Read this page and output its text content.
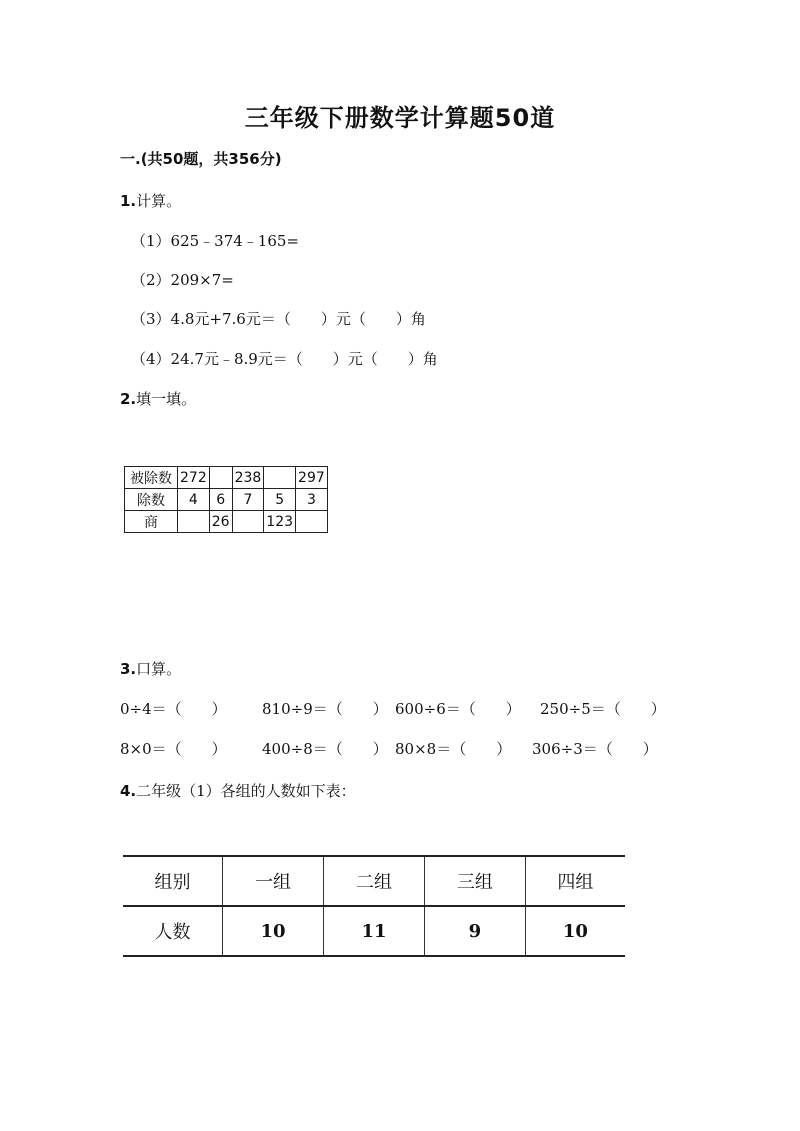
三年级下册数学计算题50道
一.(共50题，共356分)
1.计算。
（1）625﹣374﹣165=
（2）209×7=
（3）4.8元+7.6元＝（　　）元（　　）角
（4）24.7元﹣8.9元＝（　　）元（　　）角
2.填一填。
被除数	272		238		297
除数	4	6	7	5	3
商		26		123	
3.口算。
0÷4＝（　　） 810÷9＝（　　） 600÷6＝（　　） 250÷5＝（　　）
8×0＝（　　） 400÷8＝（　　） 80×8＝（　　） 306÷3＝（　　）
4.二年级（1）各组的人数如下表：
组别	一组	二组	三组	四组
人数	10	11	9	10
